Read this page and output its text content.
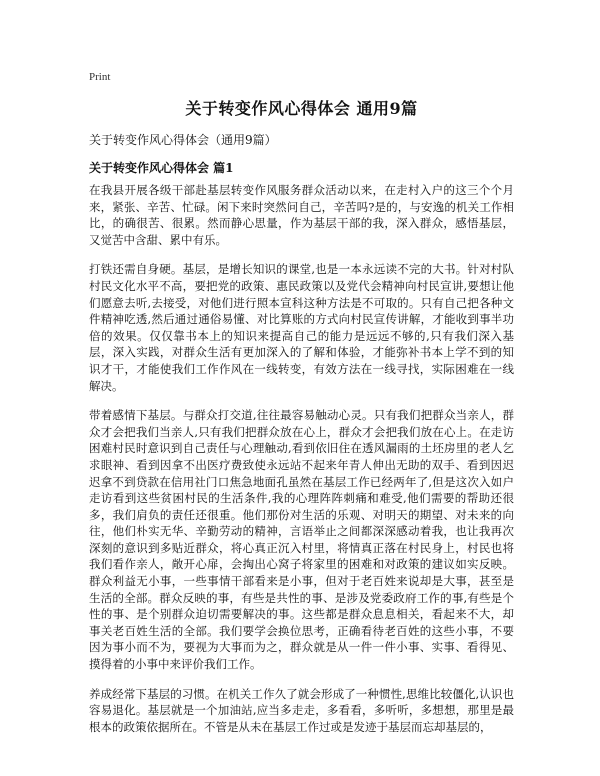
Print
关于转变作风心得体会 通用9篇

关于转变作风心得体会（通用9篇）

关于转变作风心得体会 篇1

在我县开展各级干部赴基层转变作风服务群众活动以来，在走村入户的这三个个月来，紧张、辛苦、忙碌。闲下来时突然问自己，辛苦吗?是的，与安逸的机关工作相比，的确很苦、很累。然而静心思量，作为基层干部的我，深入群众，感悟基层，又觉苦中含甜、累中有乐。

打铁还需自身硬。基层，是增长知识的课堂,也是一本永远读不完的大书。针对村队村民文化水平不高，要把党的政策、惠民政策以及党代会精神向村民宣讲,要想让他们愿意去听,去接受，对他们进行照本宣科这种方法是不可取的。只有自己把各种文件精神吃透,然后通过通俗易懂、对比算账的方式向村民宣传讲解，才能收到事半功倍的效果。仅仅靠书本上的知识来提高自己的能力是远远不够的,只有我们深入基层，深入实践，对群众生活有更加深入的了解和体验，才能弥补书本上学不到的知识才干，才能使我们工作作风在一线转变，有效方法在一线寻找，实际困难在一线解决。

带着感情下基层。与群众打交道,往往最容易触动心灵。只有我们把群众当亲人，群众才会把我们当亲人,只有我们把群众放在心上，群众才会把我们放在心上。在走访困难村民时意识到自己责任与心理触动,看到依旧住在透风漏雨的土坯房里的老人乞求眼神、看到因拿不出医疗费致使永远站不起来年青人伸出无助的双手、看到因迟迟拿不到贷款在信用社门口焦急地面孔虽然在基层工作已经两年了,但是这次入如户走访看到这些贫困村民的生活条件,我的心理阵阵刺痛和难受,他们需要的帮助还很多，我们肩负的责任还很重。他们那份对生活的乐观、对明天的期望、对未来的向往，他们朴实无华、辛勤劳动的精神，言语举止之间都深深感动着我，也让我再次深刻的意识到多贴近群众，将心真正沉入村里，将情真正落在村民身上，村民也将我们看作亲人，敞开心扉，会掏出心窝子将家里的困难和对政策的建议如实反映。群众利益无小事，一些事情干部看来是小事，但对于老百姓来说却是大事，甚至是生活的全部。群众反映的事，有些是共性的事、是涉及党委政府工作的事,有些是个性的事、是个别群众迫切需要解决的事。这些都是群众息息相关，看起来不大，却事关老百姓生活的全部。我们要学会换位思考，正确看待老百姓的这些小事，不要因为事小而不为，要视为大事而为之，群众就是从一件一件小事、实事、看得见、摸得着的小事中来评价我们工作。

养成经常下基层的习惯。在机关工作久了就会形成了一种惯性,思维比较僵化,认识也容易退化。基层就是一个加油站,应当多走走，多看看，多听听，多想想，那里是最根本的政策依据所在。不管是从未在基层工作过或是发迹于基层而忘却基层的，
